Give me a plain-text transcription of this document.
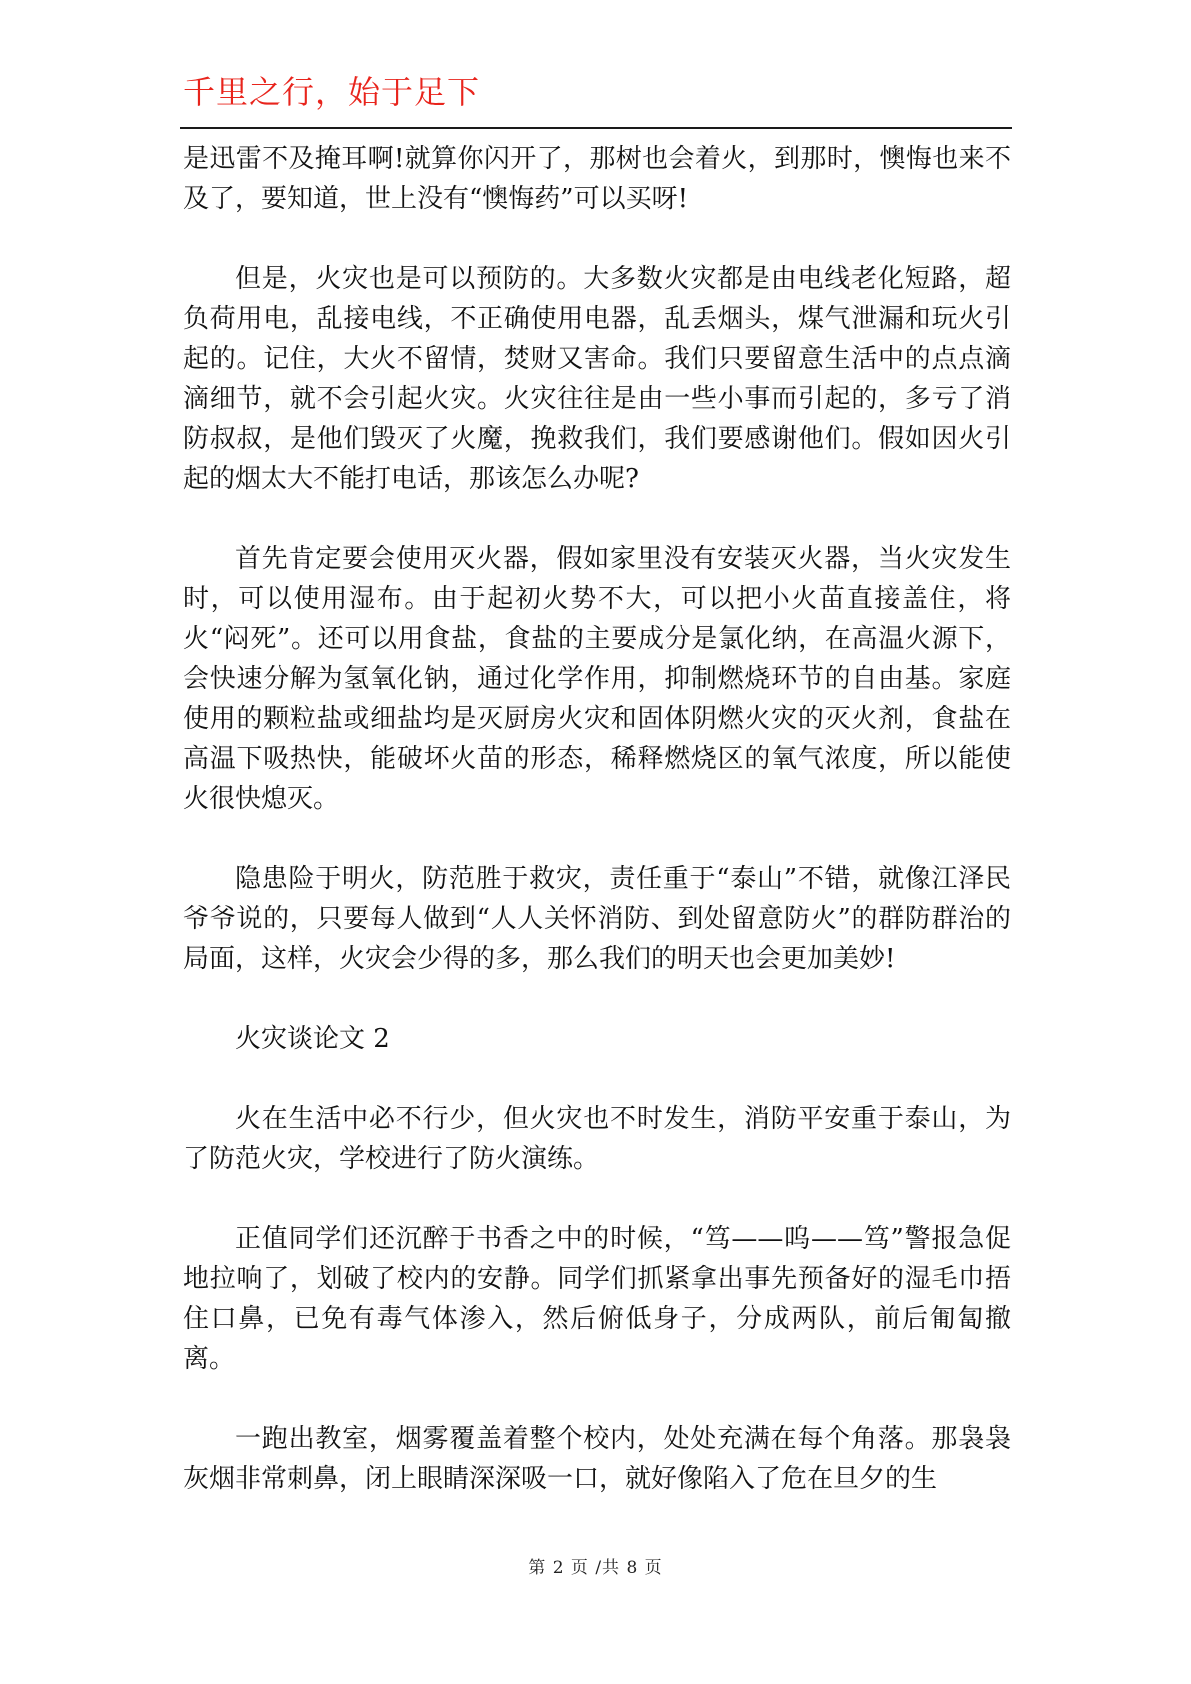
千里之行，始于足下

是迅雷不及掩耳啊!就算你闪开了，那树也会着火，到那时，懊悔也来不及了，要知道，世上没有“懊悔药”可以买呀!

但是，火灾也是可以预防的。大多数火灾都是由电线老化短路，超负荷用电，乱接电线，不正确使用电器，乱丢烟头，煤气泄漏和玩火引起的。记住，大火不留情，焚财又害命。我们只要留意生活中的点点滴滴细节，就不会引起火灾。火灾往往是由一些小事而引起的，多亏了消防叔叔，是他们毁灭了火魔，挽救我们，我们要感谢他们。假如因火引起的烟太大不能打电话，那该怎么办呢?

首先肯定要会使用灭火器，假如家里没有安装灭火器，当火灾发生时，可以使用湿布。由于起初火势不大，可以把小火苗直接盖住，将火“闷死”。还可以用食盐，食盐的主要成分是氯化纳，在高温火源下，会快速分解为氢氧化钠，通过化学作用，抑制燃烧环节的自由基。家庭使用的颗粒盐或细盐均是灭厨房火灾和固体阴燃火灾的灭火剂，食盐在高温下吸热快，能破坏火苗的形态，稀释燃烧区的氧气浓度，所以能使火很快熄灭。

隐患险于明火，防范胜于救灾，责任重于“泰山”不错，就像江泽民爷爷说的，只要每人做到“人人关怀消防、到处留意防火”的群防群治的局面，这样，火灾会少得的多，那么我们的明天也会更加美妙!

火灾谈论文 2

火在生活中必不行少，但火灾也不时发生，消防平安重于泰山，为了防范火灾，学校进行了防火演练。

正值同学们还沉醉于书香之中的时候，“笃——呜——笃”警报急促地拉响了，划破了校内的安静。同学们抓紧拿出事先预备好的湿毛巾捂住口鼻，已免有毒气体渗入，然后俯低身子，分成两队，前后匍匐撤离。

一跑出教室，烟雾覆盖着整个校内，处处充满在每个角落。那袅袅灰烟非常刺鼻，闭上眼睛深深吸一口，就好像陷入了危在旦夕的生

第 2 页 /共 8 页
